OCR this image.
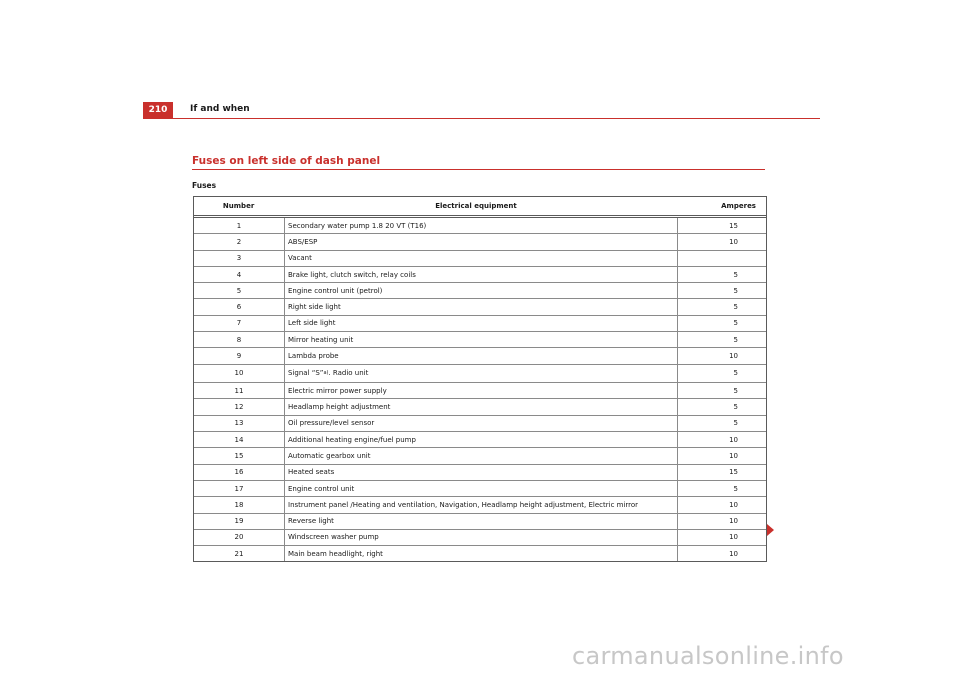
210	If and when
Fuses on left side of dash panel
Fuses
Number	Electrical equipment	Amperes
1	Secondary water pump 1.8 20 VT (T16)	15
2	ABS/ESP	10
3	Vacant
4	Brake light, clutch switch, relay coils	5
5	Engine control unit (petrol)	5
6	Right side light	5
7	Left side light	5
8	Mirror heating unit	5
9	Lambda probe	10
10	Signal “S” a) . Radio unit	5
11	Electric mirror power supply	5
12	Headlamp height adjustment	5
13	Oil pressure/level sensor	5
14	Additional heating engine/fuel pump	10
15	Automatic gearbox unit	10
16	Heated seats	15
17	Engine control unit	5
18	Instrument panel /Heating and ventilation, Navigation, Headlamp height adjustment, Electric mirror	10
19	Reverse light	10
20	Windscreen washer pump	10
21	Main beam headlight, right	10
carmanualsonline.info
